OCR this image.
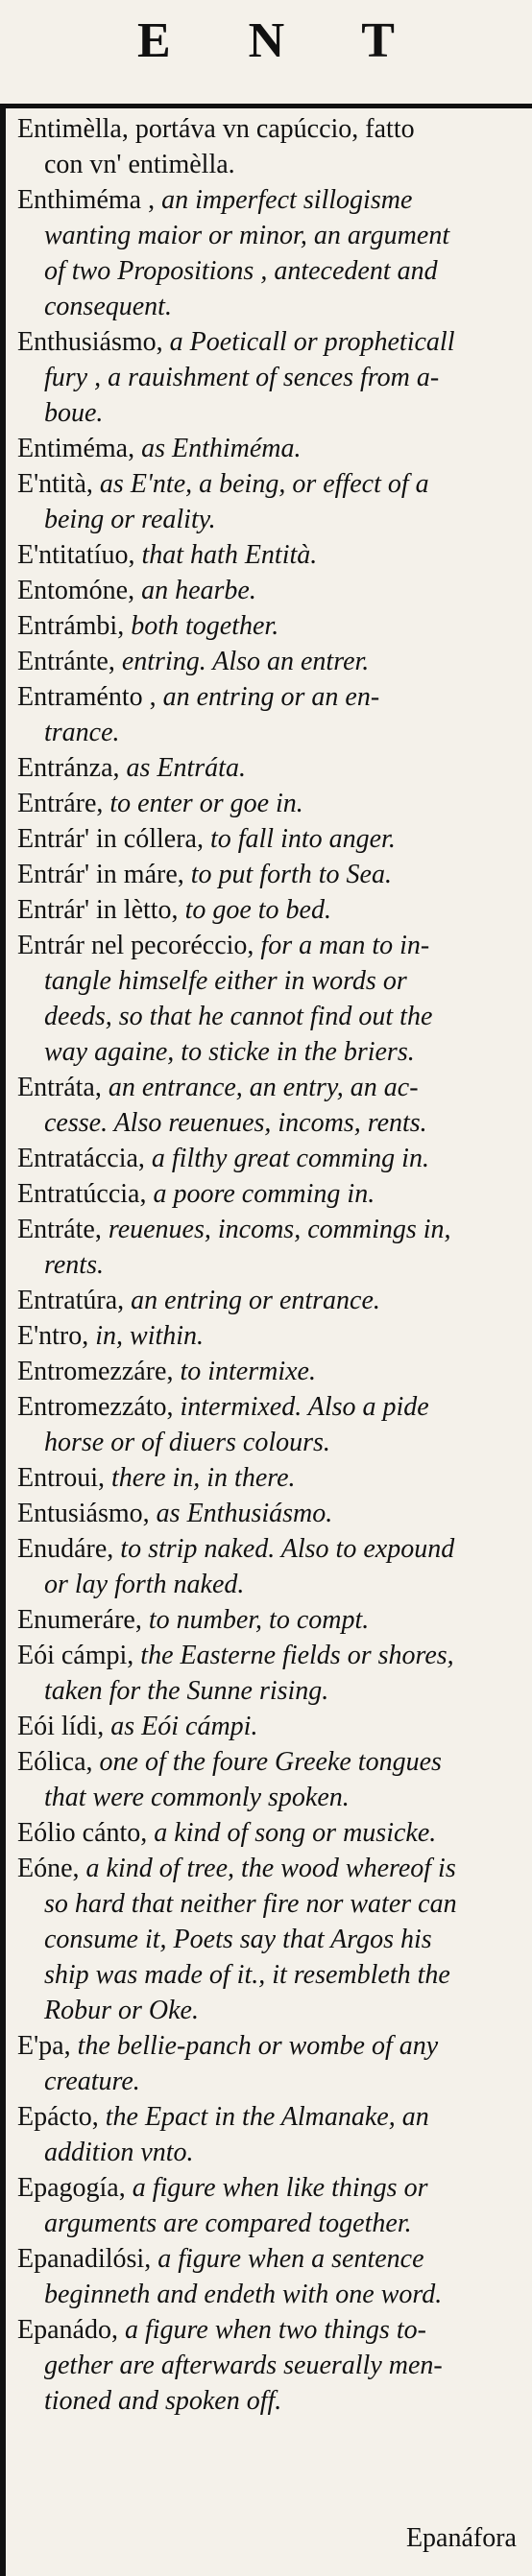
E N T
Entimèlla, portáva vn capúccio, fatto
con vn' entimèlla.
Enthiméma , an imperfect sillogisme
wanting maior or minor, an argument
of two Propositions , antecedent and
consequent.
Enthusiásmo, a Poeticall or propheticall
fury , a rauishment of sences from a-
boue.
Entiméma, as Enthiméma.
E'ntità, as E'nte, a being, or effect of a
being or reality.
E'ntitatíuo, that hath Entità.
Entomóne, an hearbe.
Entrámbi, both together.
Entránte, entring. Also an entrer.
Entraménto , an entring or an en-
trance.
Entránza, as Entráta.
Entráre, to enter or goe in.
Entrár' in cóllera, to fall into anger.
Entrár' in máre, to put forth to Sea.
Entrár' in lètto, to goe to bed.
Entrár nel pecoréccio, for a man to in-
tangle himselfe either in words or
deeds, so that he cannot find out the
way againe, to sticke in the briers.
Entráta, an entrance, an entry, an ac-
cesse. Also reuenues, incoms, rents.
Entratáccia, a filthy great comming in.
Entratúccia, a poore comming in.
Entráte, reuenues, incoms, commings in,
rents.
Entratúra, an entring or entrance.
E'ntro, in, within.
Entromezzáre, to intermixe.
Entromezzáto, intermixed. Also a pide
horse or of diuers colours.
Entroui, there in, in there.
Entusiásmo, as Enthusiásmo.
Enudáre, to strip naked. Also to expound
or lay forth naked.
Enumeráre, to number, to compt.
Eói cámpi, the Easterne fields or shores,
taken for the Sunne rising.
Eói lídi, as Eói cámpi.
Eólica, one of the foure Greeke tongues
that were commonly spoken.
Eólio cánto, a kind of song or musicke.
Eóne, a kind of tree, the wood whereof is
so hard that neither fire nor water can
consume it, Poets say that Argos his
ship was made of it., it resembleth the
Robur or Oke.
E'pa, the bellie-panch or wombe of any
creature.
Epácto, the Epact in the Almanake, an
addition vnto.
Epagogía, a figure when like things or
arguments are compared together.
Epanadilósi, a figure when a sentence
beginneth and endeth with one word.
Epanádo, a figure when two things to-
gether are afterwards seuerally men-
tioned and spoken off.
Epanáfora
